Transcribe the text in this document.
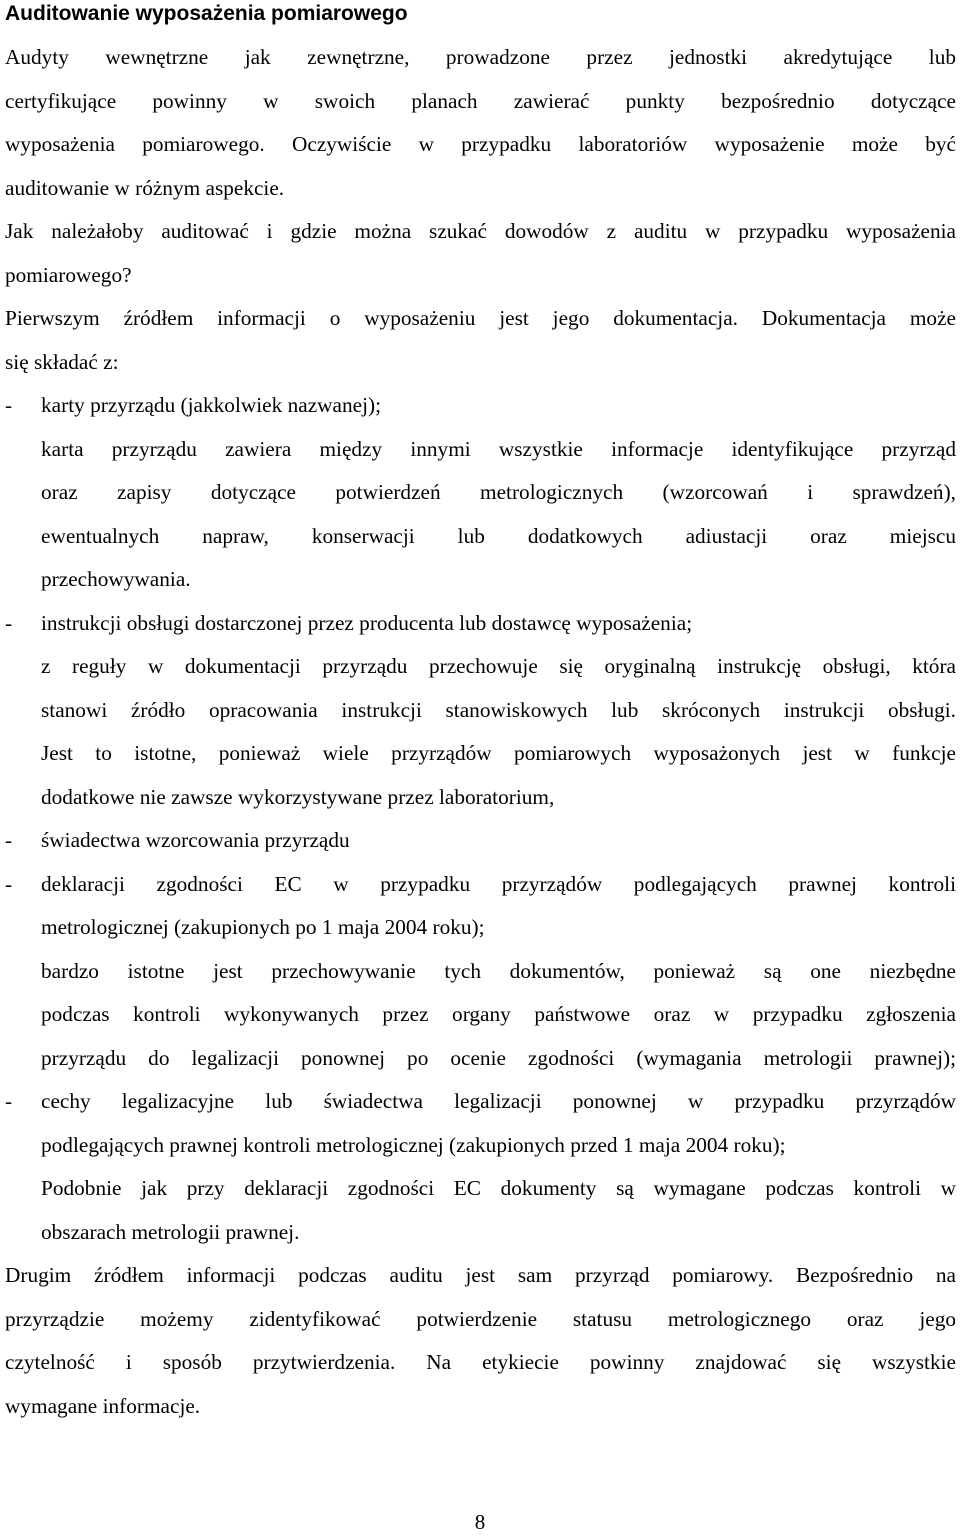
Auditowanie wyposażenia pomiarowego
Audyty wewnętrzne jak zewnętrzne, prowadzone przez jednostki akredytujące lub
certyfikujące powinny w swoich planach zawierać punkty bezpośrednio dotyczące
wyposażenia pomiarowego. Oczywiście w przypadku laboratoriów wyposażenie może być
auditowanie w różnym aspekcie.
Jak należałoby auditować i gdzie można szukać dowodów z auditu w przypadku wyposażenia
pomiarowego?
Pierwszym źródłem informacji o wyposażeniu jest jego dokumentacja. Dokumentacja może
się składać z:
- karty przyrządu (jakkolwiek nazwanej);
karta przyrządu zawiera między innymi wszystkie informacje identyfikujące przyrząd
oraz zapisy dotyczące potwierdzeń metrologicznych (wzorcowań i sprawdzeń),
ewentualnych napraw, konserwacji lub dodatkowych adiustacji oraz miejscu
przechowywania.
- instrukcji obsługi dostarczonej przez producenta lub dostawcę wyposażenia;
z reguły w dokumentacji przyrządu przechowuje się oryginalną instrukcję obsługi, która
stanowi źródło opracowania instrukcji stanowiskowych lub skróconych instrukcji obsługi.
Jest to istotne, ponieważ wiele przyrządów pomiarowych wyposażonych jest w funkcje
dodatkowe nie zawsze wykorzystywane przez laboratorium,
- świadectwa wzorcowania przyrządu
- deklaracji zgodności EC w przypadku przyrządów podlegających prawnej kontroli
metrologicznej (zakupionych po 1 maja 2004 roku);
bardzo istotne jest przechowywanie tych dokumentów, ponieważ są one niezbędne
podczas kontroli wykonywanych przez organy państwowe oraz w przypadku zgłoszenia
przyrządu do legalizacji ponownej po ocenie zgodności (wymagania metrologii prawnej);
- cechy legalizacyjne lub świadectwa legalizacji ponownej w przypadku przyrządów
podlegających prawnej kontroli metrologicznej (zakupionych przed 1 maja 2004 roku);
Podobnie jak przy deklaracji zgodności EC dokumenty są wymagane podczas kontroli w
obszarach metrologii prawnej.
Drugim źródłem informacji podczas auditu jest sam przyrząd pomiarowy. Bezpośrednio na
przyrządzie możemy zidentyfikować potwierdzenie statusu metrologicznego oraz jego
czytelność i sposób przytwierdzenia. Na etykiecie powinny znajdować się wszystkie
wymagane informacje.
8
